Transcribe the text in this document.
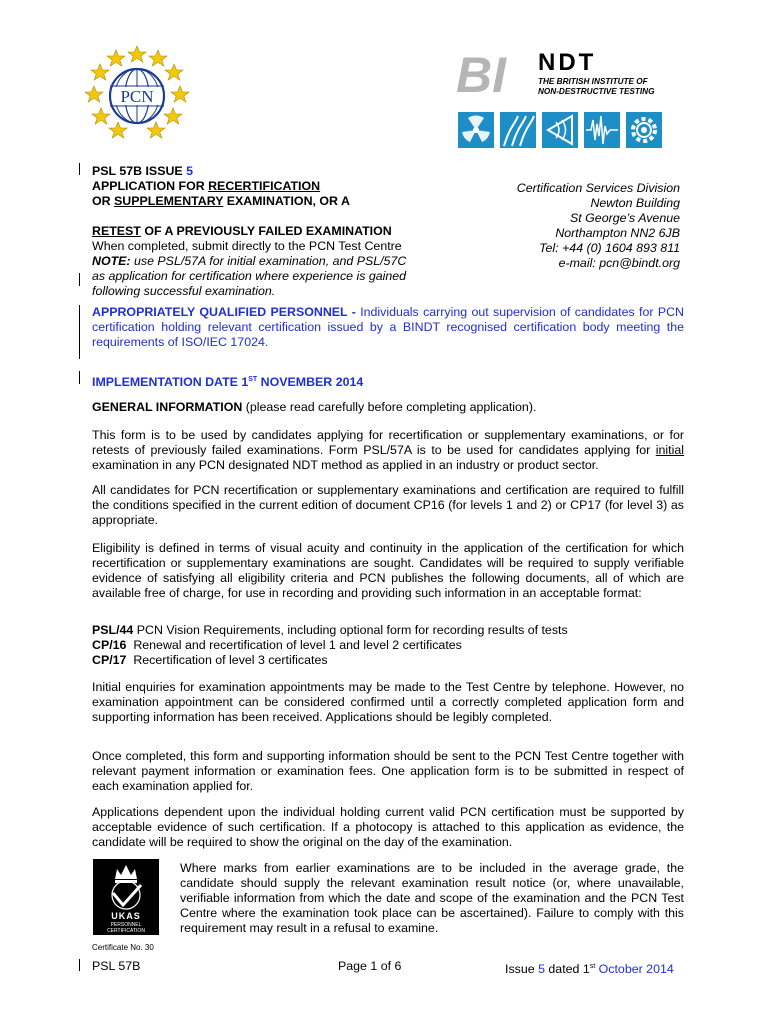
PCN	BI NDT
THE BRITISH INSTITUTE OF
NON-DESTRUCTIVE TESTING
PSL 57B ISSUE 5
APPLICATION FOR RECERTIFICATION
OR SUPPLEMENTARY EXAMINATION, OR A
RETEST OF A PREVIOUSLY FAILED EXAMINATION
When completed, submit directly to the PCN Test Centre
NOTE: use PSL/57A for initial examination, and PSL/57C
as application for certification where experience is gained
following successful examination.
Certification Services Division
Newton Building
St George’s Avenue
Northampton NN2 6JB
Tel: +44 (0) 1604 893 811
e-mail: pcn@bindt.org
APPROPRIATELY QUALIFIED PERSONNEL - Individuals carrying out supervision of candidates for PCN certification holding relevant certification issued by a BINDT recognised certification body meeting the requirements of ISO/IEC 17024.
IMPLEMENTATION DATE 1ST NOVEMBER 2014
GENERAL INFORMATION (please read carefully before completing application).
This form is to be used by candidates applying for recertification or supplementary examinations, or for retests of previously failed examinations. Form PSL/57A is to be used for candidates applying for initial examination in any PCN designated NDT method as applied in an industry or product sector.
All candidates for PCN recertification or supplementary examinations and certification are required to fulfill the conditions specified in the current edition of document CP16 (for levels 1 and 2) or CP17 (for level 3) as appropriate.
Eligibility is defined in terms of visual acuity and continuity in the application of the certification for which recertification or supplementary examinations are sought. Candidates will be required to supply verifiable evidence of satisfying all eligibility criteria and PCN publishes the following documents, all of which are available free of charge, for use in recording and providing such information in an acceptable format:
PSL/44 PCN Vision Requirements, including optional form for recording results of tests
CP/16  Renewal and recertification of level 1 and level 2 certificates
CP/17  Recertification of level 3 certificates
Initial enquiries for examination appointments may be made to the Test Centre by telephone. However, no examination appointment can be considered confirmed until a correctly completed application form and supporting information has been received. Applications should be legibly completed.
Once completed, this form and supporting information should be sent to the PCN Test Centre together with relevant payment information or examination fees. One application form is to be submitted in respect of each examination applied for.
Applications dependent upon the individual holding current valid PCN certification must be supported by acceptable evidence of such certification. If a photocopy is attached to this application as evidence, the candidate will be required to show the original on the day of the examination.
UKAS
PERSONNEL
CERTIFICATION
Certificate No. 30
Where marks from earlier examinations are to be included in the average grade, the candidate should supply the relevant examination result notice (or, where unavailable, verifiable information from which the date and scope of the examination and the PCN Test Centre where the examination took place can be ascertained). Failure to comply with this requirement may result in a refusal to examine.
PSL 57B	Page 1 of 6	Issue 5 dated 1st October 2014
